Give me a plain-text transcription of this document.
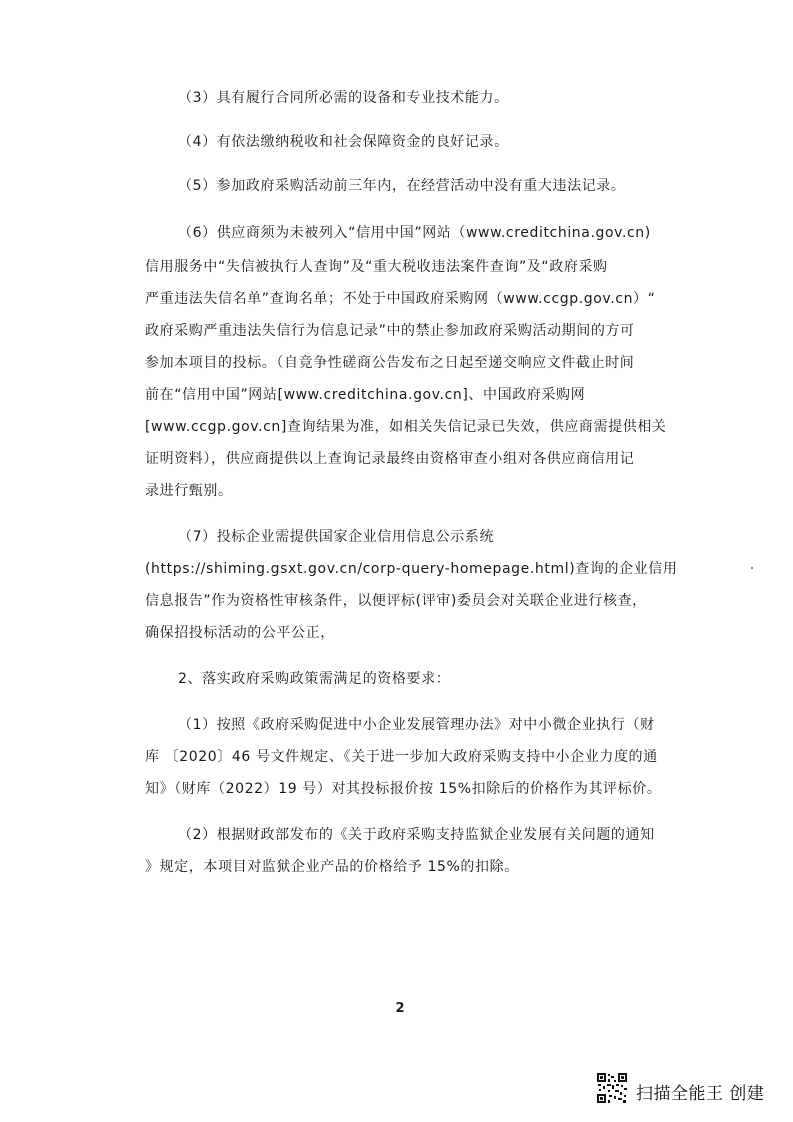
（3）具有履行合同所必需的设备和专业技术能力。
（4）有依法缴纳税收和社会保障资金的良好记录。
（5）参加政府采购活动前三年内，在经营活动中没有重大违法记录。
（6）供应商须为未被列入“信用中国”网站（www.creditchina.gov.cn)
信用服务中“失信被执行人查询”及“重大税收违法案件查询”及“政府采购
严重违法失信名单”查询名单；不处于中国政府采购网（www.ccgp.gov.cn）“
政府采购严重违法失信行为信息记录”中的禁止参加政府采购活动期间的方可
参加本项目的投标。（自竞争性磋商公告发布之日起至递交响应文件截止时间
前在“信用中国”网站[www.creditchina.gov.cn]、中国政府采购网
[www.ccgp.gov.cn]查询结果为准，如相关失信记录已失效，供应商需提供相关
证明资料），供应商提供以上查询记录最终由资格审查小组对各供应商信用记
录进行甄别。
（7）投标企业需提供国家企业信用信息公示系统
(https://shiming.gsxt.gov.cn/corp-query-homepage.html)查询的企业信用
信息报告”作为资格性审核条件，以便评标(评审)委员会对关联企业进行核查，
确保招投标活动的公平公正，
2、落实政府采购政策需满足的资格要求：
（1）按照《政府采购促进中小企业发展管理办法》对中小微企业执行（财
库 〔2020〕46 号文件规定、《关于进一步加大政府采购支持中小企业力度的通
知》（财库（2022）19 号）对其投标报价按 15%扣除后的价格作为其评标价。
（2）根据财政部发布的《关于政府采购支持监狱企业发展有关问题的通知
》规定，本项目对监狱企业产品的价格给予 15%的扣除。
2
扫描全能王 创建
